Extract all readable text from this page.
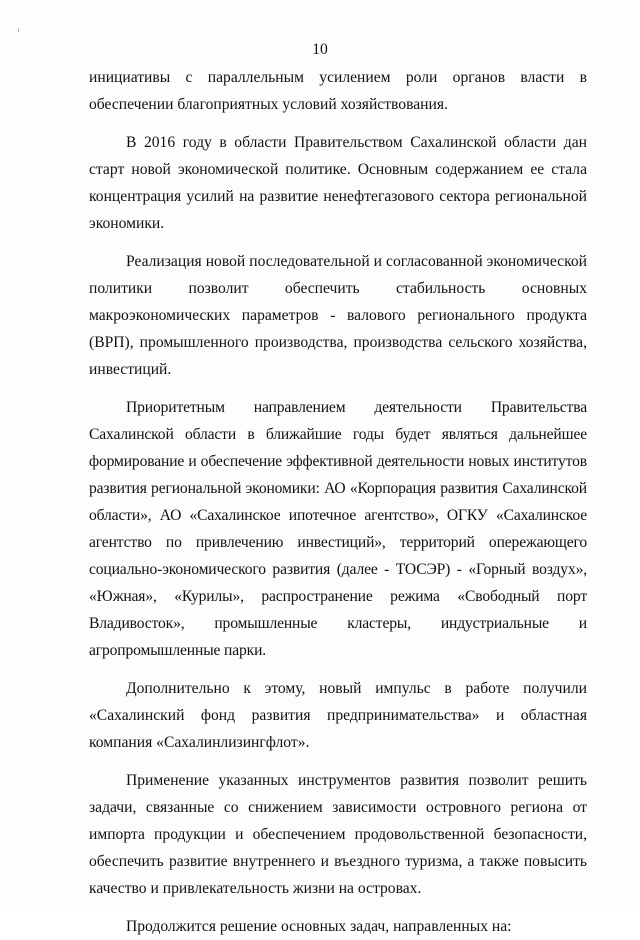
10

инициативы с параллельным усилением роли органов власти в обеспечении благоприятных условий хозяйствования.

В 2016 году в области Правительством Сахалинской области дан старт новой экономической политике. Основным содержанием ее стала концентрация усилий на развитие ненефтегазового сектора региональной экономики.

Реализация новой последовательной и согласованной экономической политики позволит обеспечить стабильность основных макроэкономических параметров - валового регионального продукта (ВРП), промышленного производства, производства сельского хозяйства, инвестиций.

Приоритетным направлением деятельности Правительства Сахалинской области в ближайшие годы будет являться дальнейшее формирование и обеспечение эффективной деятельности новых институтов развития региональной экономики: АО «Корпорация развития Сахалинской области», АО «Сахалинское ипотечное агентство», ОГКУ «Сахалинское агентство по привлечению инвестиций», территорий опережающего социально-экономического развития (далее - ТОСЭР) - «Горный воздух», «Южная», «Курилы», распространение режима «Свободный порт Владивосток», промышленные кластеры, индустриальные и агропромышленные парки.

Дополнительно к этому, новый импульс в работе получили «Сахалинский фонд развития предпринимательства» и областная компания «Сахалинлизингфлот».

Применение указанных инструментов развития позволит решить задачи, связанные со снижением зависимости островного региона от импорта продукции и обеспечением продовольственной безопасности, обеспечить развитие внутреннего и въездного туризма, а также повысить качество и привлекательность жизни на островах.

Продолжится решение основных задач, направленных на:
